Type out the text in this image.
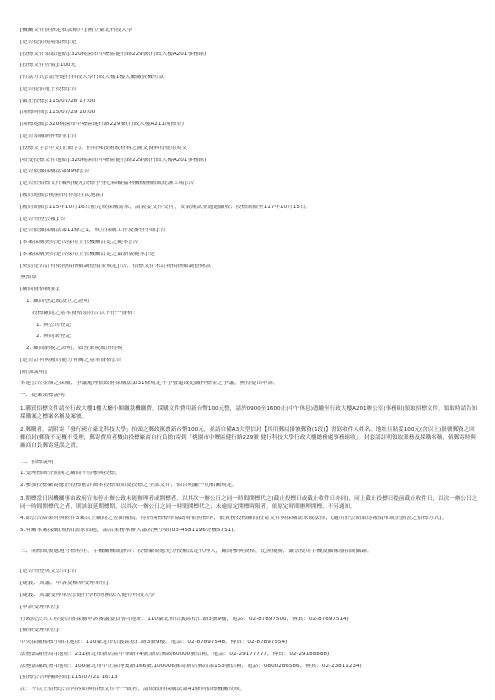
[機關文件費指定收款帳戶]:國立臺北科技大學
[是否提供現場領標]:是
[投標文件領取地點]:320桃園市中壢區健行路229號(行政大樓A201事務組)
[投標文件售價]:100元
[付款方式]:請至健行科技大學行政大樓1樓大廳繳費機付款
[是否提供電子投標]:否
[截止投標]:115/07/28 17:00
[開標時間]:115/07/29 10:00
[開標地點]:320桃園市中壢區健行路229號(行政大樓A211開標室)
[是否須繳納押標金]:否
[投標文字]:中文(正體字)，但特殊技術或材料之圖文資料得使用英文
[收受投標文件地點]:320桃園市中壢區健行路229號(行政大樓A201事務組)
[是否依據採購法第99條]:否
[是否於招標文件載明優先決標予身心障礙福利機構團體或庇護工場]:否
[履約地點]:桃園市(非原住民地區)
[履約期限]:115年10月16日前完成採購需求，請裝妥文件交付，安裝測試並通過驗收；投標期限至117年10月15日。
[是否刊登公報]:否
[是否依據採購法第11條之1，成立採購工作及審查小組]:否
[本案採購契約是否採用主管機關訂定之範本]:否
[本案採購契約是否採用主管機關訂定之最新版範本]:是
[契約是否訂有依物價指數調整價金規定]:否，招標文件未訂物價指數調整條款
無預算
[廠商資格摘要]:
1. 廠商登記或設立之證明
投標廠商之基本資格須符合以下任一資格：
1. 與公司登記
2. 與商業登記
2. 廠商納稅之證明，如營業稅或所得稅
[是否訂有與履約能力有關之基本資格]:否
[附加說明]
本建公告金額之採購，爭議處理依政府採購法第31條規定不予發還或追繳押標金之爭議，無得提出申訴。
一、提案領標說明
1.購買招標文件請至行政大樓1樓大廳小額繳款機繳費，採購文件費用新台幣100元整，請於0900至1600止(中午休息)憑繳至行政大樓A201辦公室(事務組)領取招標文件，領取時請告知採購案之標案名稱及案號。
2.郵購者，請附寄「發行國立臺北科技大學」抬頭之郵政匯票新台幣100元，並請自備A3大型信封【其用郵局掛號郵資(1段)】書寫收件人姓名、地址且貼妥100元(含以上)掛號郵資之回郵信封(郵資不足概不受理，郵寄費用者概由投標廠商自行負擔)寄到「桃園市中壢區健行路229號 健行科技大學行政大樓總務處事務組收」。封套請註明領取業務及採購名稱，倘郵寄時與廠商自負郵寄延誤之責。
二、招標說明
1.受理標函分期開之廠商不得參與投標。
2.參加投標廠商應於投標前詳閱本投標須知及投標之全部文件，倘以明顯一切相關規定。
3.開標當日因機關事由政府宣布停止辦公致未能辦理者或開標者，以其次一辦公日之同一時間開標代之(截止投標日或截止收件日亦同)，同上截止投標日提前截止收件日，以次一辦公日之同一時間開標代之者，則該須延期標期，以其次一辦公日之同一時間開標代之；未逾原定開標時限者，依原定時間辦理開標，不另通知。
4.如公告結果有與附件3案以上廠商之書面報價，得於開標標準協助時依照標準，依實務投標廠商投寄文件與採購需求或法律，(適用於公開取得報價單或企劃書之招標方式)。
5.有關本案採購(規格)需求問題，請洽業務承辦人蕭若蕪小姐(03-4581196分機5751)。
三、開標或後應遵守標程序，手機關機或靜音；投標廠商應充分授權法定代理人，廠商參與資格，比照優勝，嚴禁使用手機及攝像器拍或攝錄。
[是否刊登英文公告]:否
[疑義、異議、申訴及檢舉受理單位]
[疑義、異議受理單位]:健行學校財團法人健行科技大學
[申訴受理單位]:
行政院公共工程委員會採購申訴審議委員會-(地址：110臺北市信義區松仁路3號9樓，電話：02-87897500，傳真：02-87897514)
[檢舉受理單位]:
中央採購稽核小組-(地址：110臺北市信義區松仁路3號9樓，電話：02-87897548，傳真：02-87897554)
法務部調查局-(地址：231新北市新店區中華路74號,新店郵政60000號信箱，電話：02-29177777，傳真：02-29188888)
法務部廉政署-(地址：100臺北市中正區博愛路166號,100006郵寄新店郵局第153號信箱，電話：0800286586，傳真：02-23811234)
[招標公告傳輸時間]:115/07/21 16:13
註：不以上招標公告內容如與招標文件不一致者，請依政府採購法第41條向招標機關反映。
